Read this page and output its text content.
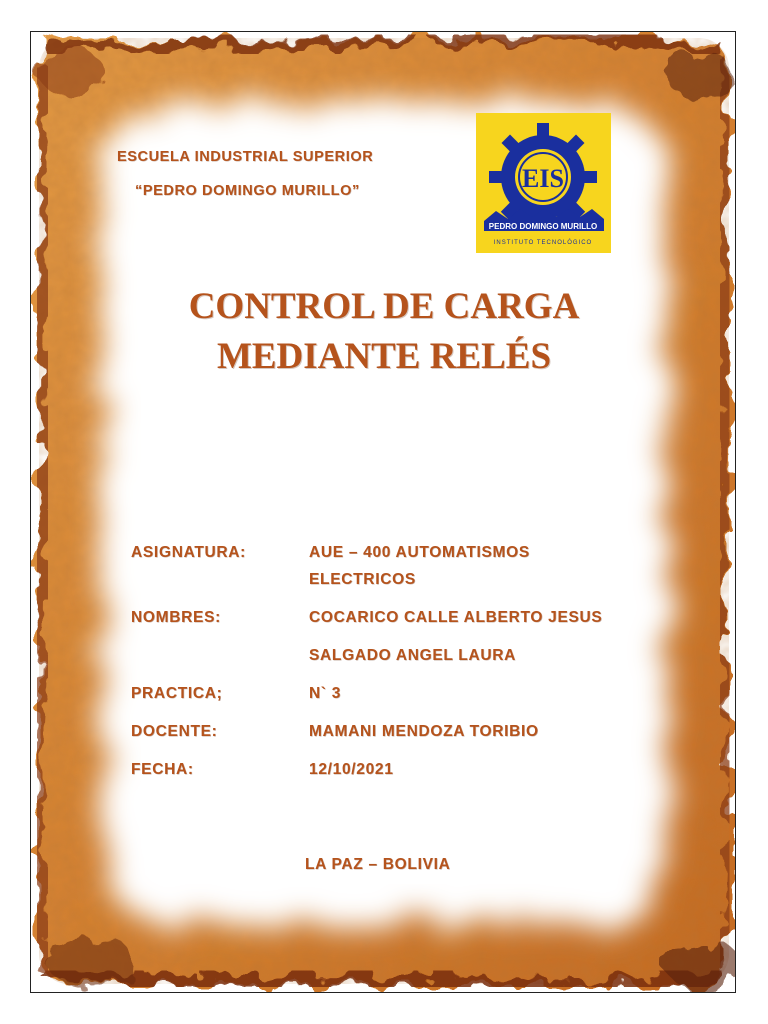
ESCUELA INDUSTRIAL SUPERIOR
“PEDRO DOMINGO MURILLO”	EIS
PEDRO DOMINGO MURILLO
INSTITUTO TECNOLÓGICO
CONTROL DE CARGA
MEDIANTE RELÉS
ASIGNATURA:	AUE – 400 AUTOMATISMOS
ELECTRICOS
NOMBRES:	COCARICO CALLE ALBERTO JESUS
SALGADO ANGEL LAURA
PRACTICA;	N` 3
DOCENTE:	MAMANI MENDOZA TORIBIO
FECHA:	12/10/2021
LA PAZ – BOLIVIA
